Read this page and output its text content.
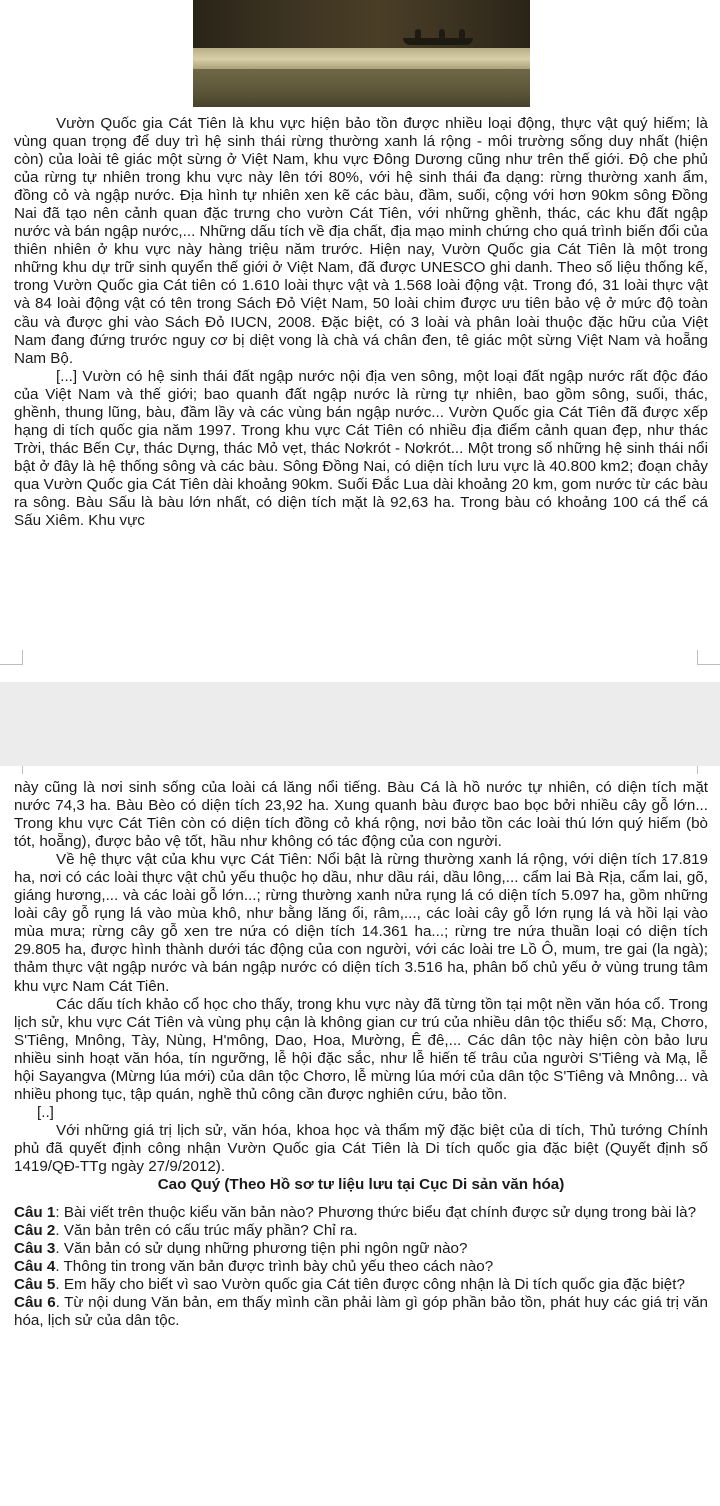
Vườn Quốc gia Cát Tiên là khu vực hiện bảo tồn được nhiều loại động, thực vật quý hiếm; là vùng quan trọng để duy trì hệ sinh thái rừng thường xanh lá rộng - môi trường sống duy nhất (hiện còn) của loài tê giác một sừng ở Việt Nam, khu vực Đông Dương cũng như trên thế giới. Độ che phủ của rừng tự nhiên trong khu vực này lên tới 80%, với hệ sinh thái đa dạng: rừng thường xanh ẩm, đồng cỏ và ngập nước. Địa hình tự nhiên xen kẽ các bàu, đầm, suối, cộng với hơn 90km sông Đồng Nai đã tạo nên cảnh quan đặc trưng cho vườn Cát Tiên, với những ghềnh, thác, các khu đất ngập nước và bán ngập nước,... Những dấu tích về địa chất, địa mạo minh chứng cho quá trình biến đổi của thiên nhiên ở khu vực này hàng triệu năm trước. Hiện nay, Vườn Quốc gia Cát Tiên là một trong những khu dự trữ sinh quyển thế giới ở Việt Nam, đã được UNESCO ghi danh. Theo số liệu thống kế, trong Vườn Quốc gia Cát tiên có 1.610 loài thực vật và 1.568 loài động vật. Trong đó, 31 loài thực vật và 84 loài động vật có tên trong Sách Đỏ Việt Nam, 50 loài chim được ưu tiên bảo vệ ở mức độ toàn cầu và được ghi vào Sách Đỏ IUCN, 2008. Đặc biệt, có 3 loài và phân loài thuộc đặc hữu của Việt Nam đang đứng trước nguy cơ bị diệt vong là chà vá chân đen, tê giác một sừng Việt Nam và hoẵng Nam Bộ.

[...] Vườn có hệ sinh thái đất ngập nước nội địa ven sông, một loại đất ngập nước rất độc đáo của Việt Nam và thế giới; bao quanh đất ngập nước là rừng tự nhiên, bao gồm sông, suối, thác, ghềnh, thung lũng, bàu, đầm lầy và các vùng bán ngập nước... Vườn Quốc gia Cát Tiên đã được xếp hạng di tích quốc gia năm 1997. Trong khu vực Cát Tiên có nhiều địa điểm cảnh quan đẹp, như thác Trời, thác Bến Cự, thác Dựng, thác Mỏ vẹt, thác Nơkrót - Nơkrót... Một trong số những hệ sinh thái nổi bật ở đây là hệ thống sông và các bàu. Sông Đồng Nai, có diện tích lưu vực là 40.800 km2; đoạn chảy qua Vườn Quốc gia Cát Tiên dài khoảng 90km. Suối Đắc Lua dài khoảng 20 km, gom nước từ các bàu ra sông. Bàu Sấu là bàu lớn nhất, có diện tích mặt là 92,63 ha. Trong bàu có khoảng 100 cá thể cá Sấu Xiêm. Khu vực

này cũng là nơi sinh sống của loài cá lăng nổi tiếng. Bàu Cá là hồ nước tự nhiên, có diện tích mặt nước 74,3 ha. Bàu Bèo có diện tích 23,92 ha. Xung quanh bàu được bao bọc bởi nhiều cây gỗ lớn... Trong khu vực Cát Tiên còn có diện tích đồng cỏ khá rộng, nơi bảo tồn các loài thú lớn quý hiếm (bò tót, hoẵng), được bảo vệ tốt, hầu như không có tác động của con người.

Về hệ thực vật của khu vực Cát Tiên: Nổi bật là rừng thường xanh lá rộng, với diện tích 17.819 ha, nơi có các loài thực vật chủ yếu thuộc họ dầu, như dầu rái, dầu lông,... cẩm lai Bà Rịa, cẩm lai, gõ, giáng hương,... và các loài gỗ lớn...; rừng thường xanh nửa rụng lá có diện tích 5.097 ha, gồm những loài cây gỗ rụng lá vào mùa khô, như bằng lăng ổi, râm,..., các loài cây gỗ lớn rụng lá và hồi lại vào mùa mưa; rừng cây gỗ xen tre nứa có diện tích 14.361 ha...; rừng tre nứa thuần loại có diện tích 29.805 ha, được hình thành dưới tác động của con người, với các loài tre Lồ Ô, mum, tre gai (la ngà); thảm thực vật ngập nước và bán ngập nước có diện tích 3.516 ha, phân bố chủ yếu ở vùng trung tâm khu vực Nam Cát Tiên.

Các dấu tích khảo cổ học cho thấy, trong khu vực này đã từng tồn tại một nền văn hóa cổ. Trong lịch sử, khu vực Cát Tiên và vùng phụ cận là không gian cư trú của nhiều dân tộc thiểu số: Mạ, Chơro, S'Tiêng, Mnông, Tày, Nùng, H'mông, Dao, Hoa, Mường, Ê đê,... Các dân tộc này hiện còn bảo lưu nhiều sinh hoạt văn hóa, tín ngưỡng, lễ hội đặc sắc, như lễ hiến tế trâu của người S'Tiêng và Mạ, lễ hội Sayangva (Mừng lúa mới) của dân tộc Chơro, lễ mừng lúa mới của dân tộc S'Tiêng và Mnông... và nhiều phong tục, tập quán, nghề thủ công cần được nghiên cứu, bảo tồn.

[..]

Với những giá trị lịch sử, văn hóa, khoa học và thẩm mỹ đặc biệt của di tích, Thủ tướng Chính phủ đã quyết định công nhận Vườn Quốc gia Cát Tiên là Di tích quốc gia đặc biệt (Quyết định số 1419/QĐ-TTg ngày 27/9/2012).

Cao Quý (Theo Hồ sơ tư liệu lưu tại Cục Di sản văn hóa)

Câu 1: Bài viết trên thuộc kiểu văn bản nào? Phương thức biểu đạt chính được sử dụng trong bài là?

Câu 2. Văn bản trên có cấu trúc mấy phần? Chỉ ra.

Câu 3. Văn bản có sử dụng những phương tiện phi ngôn ngữ nào?

Câu 4. Thông tin trong văn bản được trình bày chủ yếu theo cách nào?

Câu 5. Em hãy cho biết vì sao Vườn quốc gia Cát tiên được công nhận là Di tích quốc gia đặc biệt?

Câu 6. Từ nội dung Văn bản, em thấy mình cần phải làm gì góp phần bảo tồn, phát huy các giá trị văn hóa, lịch sử của dân tộc.
